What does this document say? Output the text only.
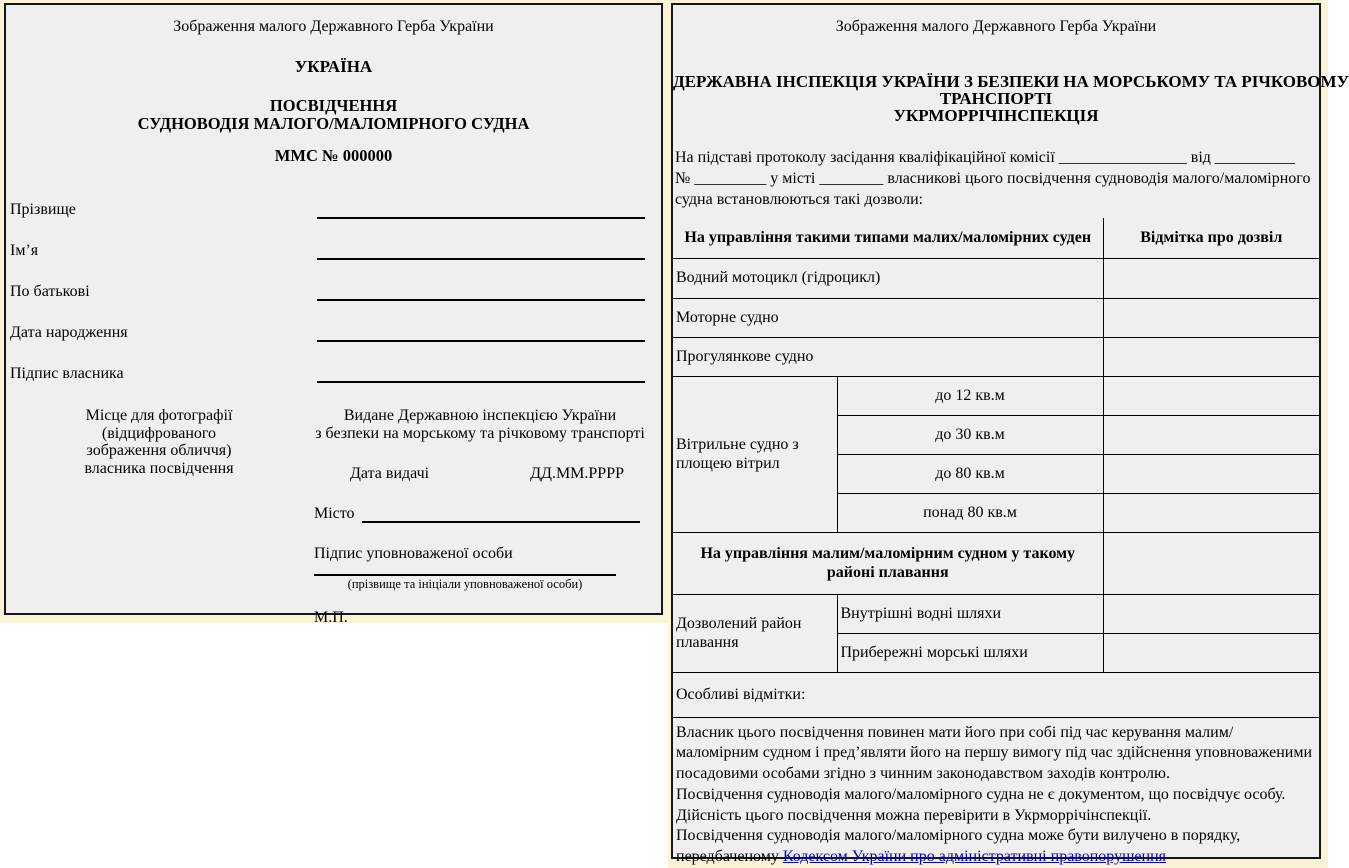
Зображення малого Державного Герба України
УКРАЇНА
ПОСВІДЧЕННЯ
СУДНОВОДІЯ МАЛОГО/МАЛОМІРНОГО СУДНА
ММС № 000000
Прізвище
Імʼя
По батькові
Дата народження
Підпис власника
Місце для фотографії (відцифрованого зображення обличчя) власника посвідчення
Видане Державною інспекцією України
з безпеки на морському та річковому транспорті
Дата видачі	ДД.ММ.РРРР
Місто
Підпис уповноваженої особи
(прізвище та ініціали уповноваженої особи)
М.П.
Зображення малого Державного Герба України
ДЕРЖАВНА ІНСПЕКЦІЯ УКРАЇНИ З БЕЗПЕКИ НА МОРСЬКОМУ ТА РІЧКОВОМУ
ТРАНСПОРТІ
УКРМОРРІЧІНСПЕКЦІЯ
На підставі протоколу засідання кваліфікаційної комісії ________________ від __________
№ _________ у місті ________ власникові цього посвідчення судноводія малого/маломірного судна встановлюються такі дозволи:
На управління такими типами малих/маломірних суден		Відмітка про дозвіл
Водний мотоцикл (гідроцикл)		
Моторне судно		
Прогулянкове судно		
Вітрильне судно з площею вітрил	до 12 кв.м	
	до 30 кв.м	
	до 80 кв.м	
	понад 80 кв.м	
На управління малим/маломірним судном у такому районі плавання		
Дозволений район плавання	Внутрішні водні шляхи	
	Прибережні морські шляхи	
Особливі відмітки:		
Власник цього посвідчення повинен мати його при собі під час керування малим/маломірним судном і предʼявляти його на першу вимогу під час здійснення уповноваженими посадовими особами згідно з чинним законодавством заходів контролю.
Посвідчення судноводія малого/маломірного судна не є документом, що посвідчує особу.
Дійсність цього посвідчення можна перевірити в Укрморрічінспекції.
Посвідчення судноводія малого/маломірного судна може бути вилучено в порядку, передбаченому Кодексом України про адміністративні правопорушення
